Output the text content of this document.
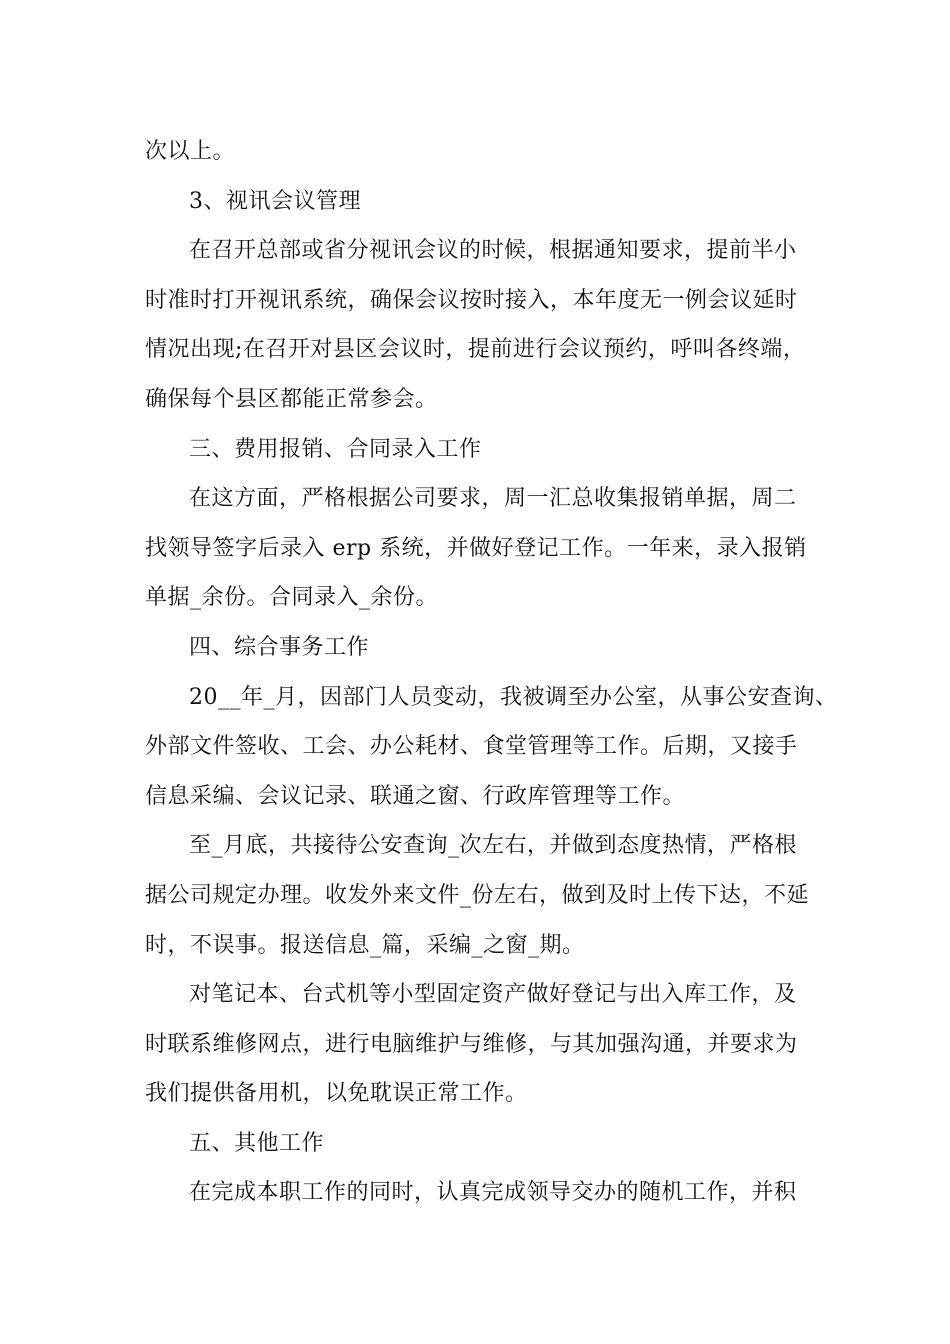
次以上。
3、视讯会议管理
在召开总部或省分视讯会议的时候，根据通知要求，提前半小
时准时打开视讯系统，确保会议按时接入，本年度无一例会议延时
情况出现;在召开对县区会议时，提前进行会议预约，呼叫各终端，
确保每个县区都能正常参会。
三、费用报销、合同录入工作
在这方面，严格根据公司要求，周一汇总收集报销单据，周二
找领导签字后录入 erp 系统，并做好登记工作。一年来，录入报销
单据_余份。合同录入_余份。
四、综合事务工作
20__年_月，因部门人员变动，我被调至办公室，从事公安查询、
外部文件签收、工会、办公耗材、食堂管理等工作。后期，又接手
信息采编、会议记录、联通之窗、行政库管理等工作。
至_月底，共接待公安查询_次左右，并做到态度热情，严格根
据公司规定办理。收发外来文件_份左右，做到及时上传下达，不延
时，不误事。报送信息_篇，采编_之窗_期。
对笔记本、台式机等小型固定资产做好登记与出入库工作，及
时联系维修网点，进行电脑维护与维修，与其加强沟通，并要求为
我们提供备用机，以免耽误正常工作。
五、其他工作
在完成本职工作的同时，认真完成领导交办的随机工作，并积
